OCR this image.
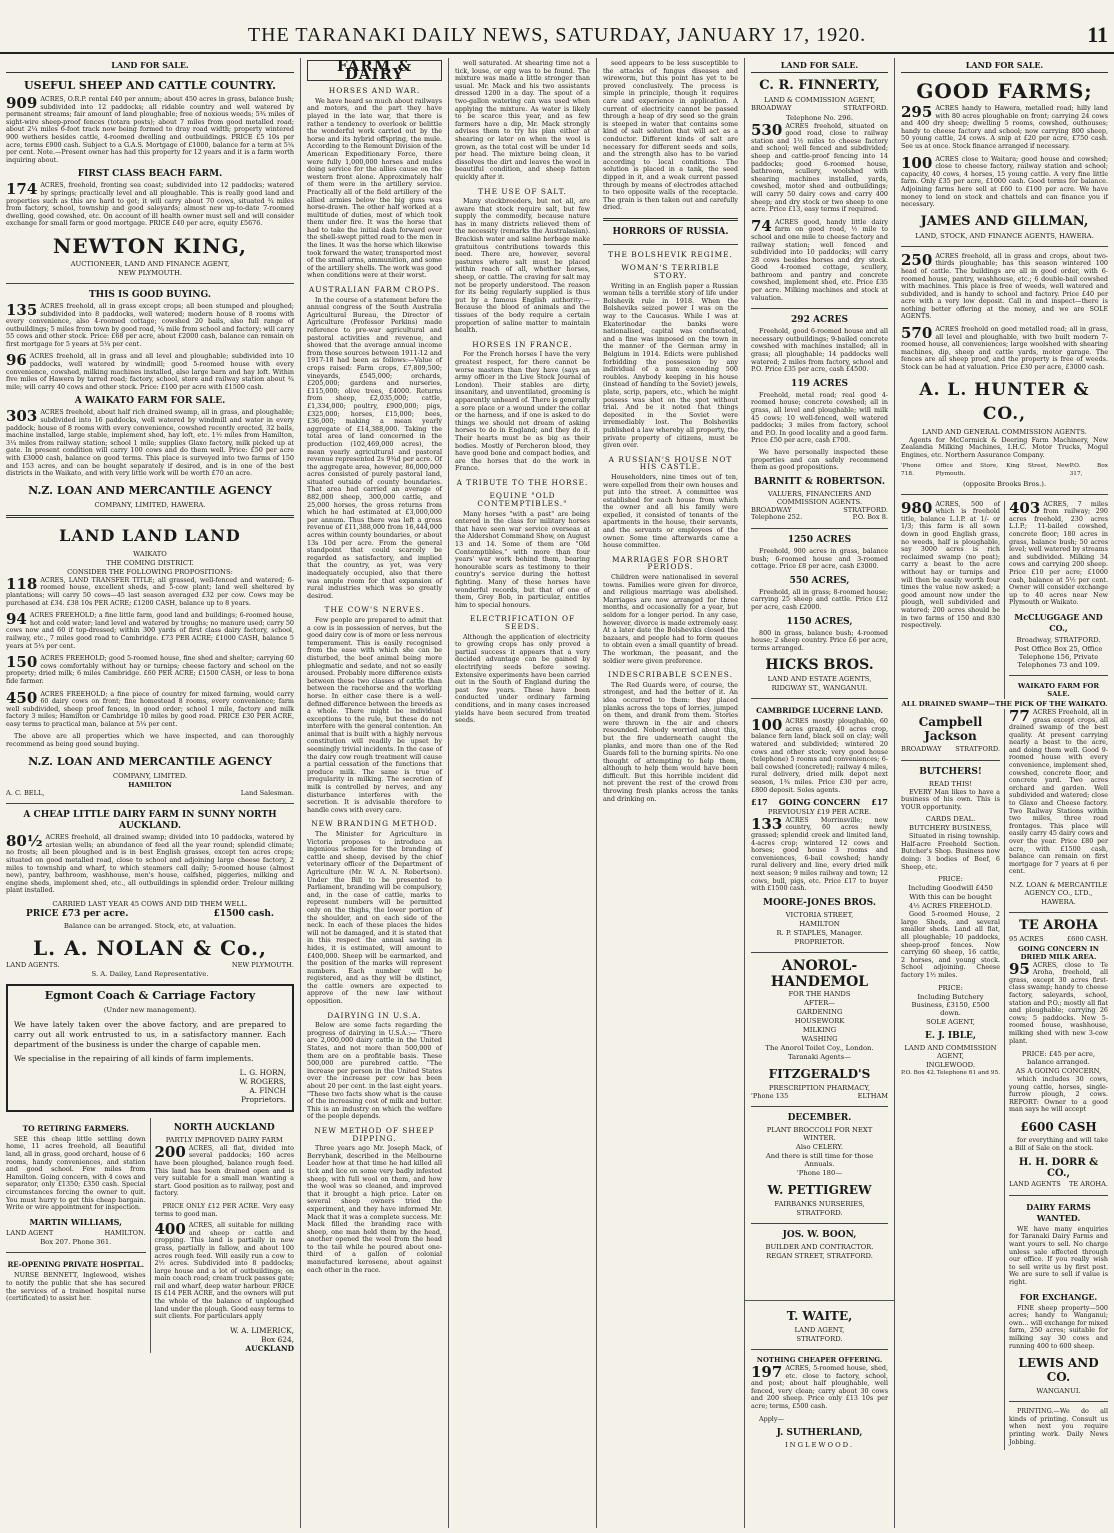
THE TARANAKI DAILY NEWS, SATURDAY, JANUARY 17, 1920.	11
LAND FOR SALE.
USEFUL SHEEP AND CATTLE COUNTRY.
909 ACRES, O.R.P. rental £40 per annum; about 450 acres in grass, balance bush; subdivided into 12 paddocks; all ridable country and well watered by permanent streams; fair amount of land ploughable; free of noxious weeds; 5¾ miles of sight-wire sheep-proof fences (totara posts); about 7 miles from good metalled road; about 2¼ miles 6-foot track now being formed to dray road width; property wintered 900 wethers besides cattle, 4-roomed dwelling and outbuildings. PRICE £5 10s per acre, terms £900 cash. Subject to a G.A.S. Mortgage of £1000, balance for a term at 5¼ per cent. Note.—Present owner has had this property for 12 years and it is a farm worth inquiring about.
FIRST CLASS BEACH FARM.
174 ACRES, freehold, fronting sea coast; subdivided into 12 paddocks; watered by springs; practically level and all ploughable. This is really good land and properties such as this are hard to get; it will carry about 70 cows, situated ¾ miles from factory, school, township and good saleyards; almost new up-to-date 7-roomed dwelling, good cowshed, etc. On account of ill health owner must sell and will consider exchange for small farm or good mortgage. PRICE £40 per acre, equity £5676.
NEWTON KING,
AUCTIONEER, LAND AND FINANCE AGENT,
NEW PLYMOUTH.
THIS IS GOOD BUYING.
135 ACRES freehold, all in grass except crops; all been stumped and ploughed; subdivided into 8 paddocks, well watered; modern house of 8 rooms with every convenience, also 4-roomed cottage; cowshed 20 bails, also full range of outbuildings; 5 miles from town by good road, ¾ mile from school and factory; will carry 55 cows and other stock. Price: £68 per acre, about £2000 cash, balance can remain on first mortgage for 5 years at 5¼ per cent.
96 ACRES freehold, all in grass and all level and ploughable; subdivided into 10 paddocks, well watered by windmill; good 5-roomed house with every convenience, cowshed, milking machines installed, also large barn and hay loft. Within five miles of Hawera by tarred road; factory, school, store and railway station about ¾ mile; will carry 40 cows and other stock. Price: £100 per acre with £1500 cash.
A WAIKATO FARM FOR SALE.
303 ACRES freehold, about half rich drained swamp, all in grass, and ploughable; subdivided into 16 paddocks, well watered by windmill and water in every paddock; house of 8 rooms with every convenience, cowshed recently erected, 32 bails, machine installed, large stable, implement shed, hay loft, etc. 1½ miles from Hamilton, 3¼ miles from railway station; school 1 mile; supplies Glaxo factory, milk picked up at gate. In present condition will carry 100 cows and do them well. Price: £50 per acre with £3000 cash, balance on good terms. This place is surveyed into two farms of 150 and 153 acres, and can be bought separately if desired, and is in one of the best districts in the Waikato, and with very little work will be worth £70 an acre.
N.Z. LOAN AND MERCANTILE AGENCY
COMPANY, LIMITED, HAWERA.
LAND LAND LAND
WAIKATO
THE COMING DISTRICT.
CONSIDER THE FOLLOWING PROPOSITIONS:
118 ACRES, LAND TRANSFER TITLE; all grassed, well-fenced and watered; 6-roomed house, excellent sheds, and 5-cow plant; land well sheltered by plantations; will carry 50 cows—45 last season averaged £32 per cow. Cows may be purchased at £34. £38 10s PER ACRE; £1200 CASH, balance up to 8 years.
94 ACRES FREEHOLD; a fine little farm, good land and buildings; 6-roomed house, hot and cold water; land level and watered by troughs; no manure used; carry 50 cows now and 60 if top-dressed; within 300 yards of first class dairy factory, school, railway, etc., 7 miles good road to Cambridge. £73 PER ACRE; £1000 CASH, balance 5 years at 5¼ per cent.
150 ACRES FREEHOLD; good 5-roomed house, fine shed and shelter; carrying 60 cows comfortably without hay or turnips; cheese factory and school on the property; dried milk; 6 miles Cambridge. £60 PER ACRE; £1500 CASH, or less to bona fide farmer.
450 ACRES FREEHOLD; a fine piece of country for mixed farming, would carry 60 dairy cows on front; fine homestead 8 rooms, every convenience; farm well subdivided, sheep proof fences, in good order; school 1 mile, factory and milk factory 3 miles; Hamilton or Cambridge 10 miles by good road. PRICE £30 PER ACRE, easy terms to practical man, balance at 5¼ per cent.
The above are all properties which we have inspected, and can thoroughly recommend as being good sound buying.
N.Z. LOAN AND MERCANTILE AGENCY
COMPANY, LIMITED.
HAMILTON
A. C. BELL,	Land Salesman.
A CHEAP LITTLE DAIRY FARM IN SUNNY NORTH AUCKLAND.
80½ ACRES freehold, all drained swamp; divided into 10 paddocks, watered by artesian wells; an abundance of feed all the year round; splendid climate; no frosts; all been ploughed and is in best English grasses, except ten acres crops; situated on good metalled road, close to school and adjoining large cheese factory, 2 miles to township and wharf, to which steamers call daily; 5-roomed house (almost new), pantry, bathroom, washhouse, men's house, calfshed, piggeries, milking and engine sheds, implement shed, etc., all outbuildings in splendid order. Trelour milking plant installed.
CARRIED LAST YEAR 45 COWS AND DID THEM WELL.
PRICE £73 per acre.	£1500 cash.
Balance can be arranged. Stock, etc, at valuation.
L. A. NOLAN & Co.,
LAND AGENTS.	NEW PLYMOUTH.
S. A. Dailey, Land Representative.
Egmont Coach & Carriage Factory
(Under new management).

We have lately taken over the above factory, and are prepared to carry out all work entrusted to us, in a satisfactory manner. Each department of the business is under the charge of capable men.

We specialise in the repairing of all kinds of farm implements.

L. G. HORN,
W. ROGERS,
A. FINCH
Proprietors.
TO RETIRING FARMERS.
SEE this cheap little settling down home, 11 acres freehold, all beautiful land, all in grass, good orchard, house of 6 rooms, handy conveniences, and station and good school. Few miles from Hamilton. Going concern, with 4 cows and separator, only £1350; £350 cash. Special circumstances forcing the owner to quit. You must hurry to get this cheap bargain. Write or wire appointment for inspection.
MARTIN WILLIAMS,
LAND AGENT	HAMILTON.
Box 207. Phone 361.
RE-OPENING PRIVATE HOSPITAL.
NURSE BENNETT, Inglewood, wishes to notify the public that she has secured the services of a trained hospital nurse (certificated) to assist her.
NORTH AUCKLAND
PARTLY IMPROVED DAIRY FARM
200 ACRES, all flat, divided into several paddocks; 160 acres have been ploughed, balance rough feed. This land has been drained open and is very suitable for a small man wanting a start. Good position as to railway, post and factory.
PRICE ONLY £12 PER ACRE. Very easy terms to good man.
400 ACRES, all suitable for milking and sheep or cattle and cropping. This land is partially in new grass, partially in fallow, and about 100 acres rough feed. Will easily run a cow to 2½ acres. Subdivided into 8 paddocks; large house and a lot of outbuildings; on main coach road; cream truck passes gate; rail and wharf, deep water harbour. PRICE IS £14 PER ACRE, and the owners will put the whole of the balance of unploughed land under the plough. Good easy terms to suit clients. For particulars apply
W. A. LIMERICK,
Box 624,
AUCKLAND
FARM & DAIRY
HORSES AND WAR.
We have heard so much about railways and motors, and the part they have played in the late war, that there is rather a tendency to overlook or belittle the wonderful work carried out by the horse and its hybrid offspring, the mule. According to the Remount Division of the American Expeditionary Force, there were fully 1,000,000 horses and mules doing service for the allies cause on the western front alone. Approximately half of them were in the artillery service. Practically all of the field artillery of the allied armies below the big guns was horse-drawn. The other half worked at a multitude of duties, most of which took them under fire. It was the horse that had to take the initial dash forward over the shell-swept pitted road to the men in the lines. It was the horse which likewise took forward the water, transported most of the small arms, ammunition, and some of the artillery shells. The work was good when conditions were at their worst.
AUSTRALIAN FARM CROPS.
In the course of a statement before the annual congress of the South Australia Agricultural Bureau, the Director of Agriculture (Professor Perkins) made reference to pre-war agricultural and pastoral activities and revenue, and showed that the average annual income from those sources between 1911-12 and 1917-18 had been as follows:—Value of crops raised: Farm crops, £7,809,500; vineyards, £545,000; orchards, £205,000; gardens and nurseries, £115,000; olive trees, £4000. Returns from sheep, £2,035,000; cattle, £1,334,000; poultry, £900,000; pigs, £325,000; horses, £15,000; bees, £36,000; making a mean yearly aggregate of £14,388,000. Taking the total area of land concerned in the production (102,469,000 acres), the mean yearly agricultural and pastoral revenue represented 2s 9¾d per acre. Of the aggregate area, however, 86,000,000 acres consisted of purely pastoral land, situated outside of county boundaries. That area had carried an average of 882,000 sheep, 300,000 cattle, and 25,000 horses, the gross returns from which he had estimated at £3,000,000 per annum. Thus there was left a gross revenue of £11,388,000 from 16,444,000 acres within county boundaries, or about 13s 10d per acre. From the general standpoint that could scarcely be regarded as satisfactory, and implied that the country, as yet, was very inadequately occupied, also that there was ample room for that expansion of rural industries which was so greatly desired.
THE COW'S NERVES.
Few people are prepared to admit that a cow is in possession of nerves, but the good dairy cow is of more or less nervous temperament. This is easily recognised from the ease with which she can be disturbed, the beef animal being more phlegmatic and sedate, and not so easily aroused. Probably more difference exists between these two classes of cattle than between the racehorse and the working horse. In either case there is a well-defined difference between the breeds as a whole. There might be individual exceptions to the rule, but these do not interfere with the general contention. An animal that is built with a highly nervous constitution will readily be upset by seemingly trivial incidents. In the case of the dairy cow rough treatment will cause a partial cessation of the functions that produce milk. The same is true of irregularity in milking. The secretion of milk is controlled by nerves, and any disturbance interferes with the secretion. It is advisable therefore to handle cows with every care.
NEW BRANDING METHOD.
The Minister for Agriculture in Victoria proposes to introduce an ingenious scheme for the branding of cattle and sheep, devised by the chief veterinary officer of the Department of Agriculture (Mr. W. A. N. Robertson). Under the Bill to be presented to Parliament, branding will be compulsory, and, in the case of cattle, marks to represent numbers will be permitted only on the thighs, the lower portion of the shoulder, and on each side of the neck. In each of these places the hides will not be damaged, and it is stated that in this respect the annual saving in hides, it is estimated, will amount to £400,000. Sheep will be earmarked, and the position of the marks will represent numbers. Each number will be registered, and as they will be distinct, the cattle owners are expected to approve of the new law without opposition.
DAIRYING IN U.S.A.
Below are some facts regarding the progress of dairying in U.S.A.:— "There are 2,000,000 dairy cattle in the United States, and not more than 500,000 of them are on a profitable basis. These 500,000 are purebred cattle. "The increase per person in the United States over the increase per cow has been about 20 per cent. in the last eight years. "These two facts show what is the cause of the increasing cost of milk and butter. This is an industry on which the welfare of the people depends.
NEW METHOD OF SHEEP DIPPING.
Three years ago Mr. Joseph Mack, of Berrybank, described in the Melbourne Leader how at that time he had killed all tick and lice on some very badly infested sheep, with full wool on them, and how the wool was so cleaned, and improved that it brought a high price. Later on several sheep owners tried the experiment, and they have informed Mr. Mack that it was a complete success. Mr. Mack filled the branding race with sheep, one man held them by the head, another opened the wool from the head to the tail while he poured about one-third of a gallon of colonial manufactured kerosene, about against each other in the race.
well saturated. At shearing time not a tick, louse, or egg was to be found. The mixture was made a little stronger than usual. Mr. Mack and his two assistants dressed 1200 in a day. The spout of a two-gallon watering can was used when applying the mixture. As water is likely to be scarce this year, and as few farmers have a dip, Mr. Mack strongly advises them to try his plan either at shearing or later on when the wool is grown, as the total cost will be under 1d per head. The mixture being clean, it dissolves the dirt and leaves the wool in beautiful condition, and sheep fatten quickly after it.
THE USE OF SALT.
Many stockbreeders, but not all, are aware that stock require salt, but few supply the commodity, because nature has in many districts relieved them of the necessity (remarks the Australasian). Brackish water and saline herbage make gratuitous contributions towards this need. There are, however, several pastures where salt must be placed within reach of all, whether horses, sheep, or cattle. The craving for salt may not be properly understood. The reason for its being regularly supplied is thus put by a famous English authority:—Because the blood of animals and the tissues of the body require a certain proportion of saline matter to maintain health.
HORSES IN FRANCE.
For the French horses I have the very greatest respect, for there cannot be worse masters than they have (says an army officer in the Live Stock Journal of London). Their stables are dirty, insanitary, and unventilated, grooming is apparently unheard of. There is generally a sore place or a wound under the collar or the harness, and if one is asked to do things we should not dream of asking horses to do in England; and they do it. Their hearts must be as big as their bodies. Mostly of Percheron blood, they have good bone and compact bodies, and are the horses that do the work in France.
A TRIBUTE TO THE HORSE.
EQUINE "OLD CONTEMPTIBLES."
Many horses "with a past" are being entered in the class for military horses that have seen war service overseas at the Aldershot Command Show, on August 13 and 14. Some of them are "Old Contemptibles," with more than four years' war work behind them, bearing honourable scars as testimony to their country's service during the hottest fighting. Many of these horses have wonderful records, but that of one of them, Grey Bob, in particular, entitles him to special honours.
ELECTRIFICATION OF SEEDS.
Although the application of electricity to growing crops has only proved a partial success it appears that a very decided advantage can be gained by electrifying seeds before sowing. Extensive experiments have been carried out in the South of England during the past few years. These have been conducted under ordinary farming conditions, and in many cases increased yields have been secured from treated seeds.
seed appears to be less susceptible to the attacks of fungus diseases and wireworm, but this point has yet to be proved conclusively. The process is simple in principle, though it requires care and experience in application. A current of electricity cannot be passed through a heap of dry seed so the grain is steeped in water that contains some kind of salt solution that will act as a conductor. Different kinds of salt are necessary for different seeds and soils, and the strength also has to be varied according to local conditions. The solution is placed in a tank, the seed dipped in it, and a weak current passed through by means of electrodes attached to two opposite walls of the receptacle. The grain is then taken out and carefully dried.
HORRORS OF RUSSIA.
THE BOLSHEVIK REGIME.
WOMAN'S TERRIBLE STORY.
Writing in an English paper a Russian woman tells a terrible story of life under Bolshevik rule in 1918. When the Bolsheviks seized power I was on the way to the Caucasus. While I was at Ekaterinodar the banks were nationalised, capital was confiscated, and a fine was imposed on the town in the manner of the German army in Belgium in 1914. Edicts were published forbidding the possession by any individual of a sum exceeding 500 roubles. Anybody keeping in his house (instead of handing to the Soviet) jewels, plate, scrip, papers, etc., which he might possess was shot on the spot without trial. And be it noted that things deposited in the Soviet were irremediably lost. The Bolsheviks published a law whereby all property, the private property of citizens, must be given over.
A RUSSIAN'S HOUSE NOT HIS CASTLE.
Householders, nine times out of ten, were expelled from their own houses and put into the street. A committee was established for each house from which the owner and all his family were expelled, it consisted of tenants of the apartments in the house, their servants, and the servants or employees of the owner. Some time afterwards came a house committee.
MARRIAGES FOR SHORT PERIODS.
Children were nationalised in several towns. Families were given for divorce, and religious marriage was abolished. Marriages are now arranged for three months, and occasionally for a year, but seldom for a longer period. In any case, however, divorce is made extremely easy. At a later date the Bolsheviks closed the bazaars, and people had to form queues to obtain even a small quantity of bread. The workman, the peasant, and the soldier were given preference.
INDESCRIBABLE SCENES.
The Red Guards were, of course, the strongest, and had the better of it. An idea occurred to them: they placed planks across the tops of lorries, jumped on them, and drank from them. Stories were thrown in the air and cheers resounded. Nobody worried about this, but the fire underneath caught the planks, and more than one of the Red Guards fell to the burning spirits. No one thought of attempting to help them, although to help them would have been difficult. But this horrible incident did not prevent the rest of the crowd from throwing fresh planks across the tanks and drinking on.
LAND FOR SALE.
C. R. FINNERTY,
LAND & COMMISSION AGENT,
BROADWAY	STRATFORD.
Telephone No. 296.
530 ACRES freehold, situated on good road, close to railway station and 1½ miles to cheese factory and school; well fenced and subdivided; sheep and cattle-proof fencing into 14 paddocks; good 6-roomed house, bathroom, scullery, woolshed with shearing machines installed, yards, cowshed, motor shed and outbuildings; will carry 50 dairy cows and carry 400 sheep; and dry stock or two sheep to one acre. Price £13, easy terms if required.
74 ACRES good, handy little dairy farm on good road, ½ mile to school and one mile to cheese factory and railway station; well fenced and subdivided into 10 paddocks; will carry 28 cows besides horses and dry stock. Good 4-roomed cottage, scullery, bathroom and pantry and concrete cowshed, implement shed, etc. Price £35 per acre. Milking machines and stock at valuation.
292 ACRES
Freehold, good 6-roomed house and all necessary outbuildings; 9-bailed concrete cowshed with machines installed; all in grass; all ploughable; 14 paddocks well watered; 2 miles from factory, school and P.O. Price £35 per acre, cash £4500.
119 ACRES
Freehold, metal road; real good 4-roomed house; concrete cowshed; all in grass, all level and ploughable; will milk 45 cows; 10 well-fenced, well watered paddocks; 3 miles from factory, school and P.O. In good locality and a good farm. Price £50 per acre, cash £700.
We have personally inspected these properties and can safely recommend them as good propositions.
BARNITT & ROBERTSON.
VALUERS, FINANCIERS AND COMMISSION AGENTS.
BROADWAY	STRATFORD.
Telephone 252.	P.O. Box 8.
1250 ACRES
Freehold, 900 acres in grass, balance bush; 6-roomed house and 3-roomed cottage. Price £8 per acre, cash £3000.
550 ACRES,
Freehold, all in grass; 8-roomed house; carrying 25 sheep and cattle. Price £12 per acre, cash £2000.
1150 ACRES,
800 in grass, balance bush; 4-roomed house; 2 sheep country. Price £6 per acre, terms arranged.
HICKS BROS.
LAND AND ESTATE AGENTS,
RIDGWAY ST., WANGANUI.
CAMBRIDGE LUCERNE LAND.
100 ACRES mostly ploughable, 60 acres grazed, 40 acres crop, balance fern land, black soil on clay; well watered and subdivided; wintered 20 cows and other stock; very good house (telephone) 5 rooms and conveniences; 6-bail cowshed (concreted); railway 4 miles, rural delivery, dried milk depot next season, 1¾ miles. Price £30 per acre, £800 deposit. Soles agents.
£17 GOING CONCERN £17
PREVIOUSLY £19 PER ACRE.
133 ACRES Morrinsville; new country, 60 acres newly grassed; splendid creek and limited land, 4-acres crop; wintered 12 cows and horses; good house 3 rooms and conveniences, 6-bail cowshed; handy rural delivery and line, every dried milk next season; 9 miles railway and town; 12 cows, bull, pigs, etc. Price £17 to buyer with £1500 cash.
MOORE-JONES BROS.
VICTORIA STREET,
HAMILTON
R. P. STAPLES, Manager.
PROPRIETOR.
ANOROL-
HANDEMOL
FOR THE HANDS
AFTER—
GARDENING
HOUSEWORK
MILKING
WASHING
The Anorol Toilet Coy., London.
Taranaki Agents—
FITZGERALD'S
PRESCRIPTION PHARMACY,
'Phone 135	ELTHAM
DECEMBER.
PLANT BROCCOLI FOR NEXT WINTER.
Also CELERY.
And there is still time for those Annuals.
'Phone 180—
W. PETTIGREW
FAIRBANKS NURSERIES,
STRATFORD.
JOS. W. BOON,
BUILDER AND CONTRACTOR.
REGAN STREET, STRATFORD.
LAND FOR SALE.
GOOD FARMS;
295 ACRES handy to Hawera, metalled road; hilly land with 80 acres ploughable on front; carrying 24 cows and 400 dry sheep; dwelling 5 rooms, cowshed, outhouses; handy to cheese factory and school; now carrying 800 sheep, 50 young cattle, 24 cows. A snip at £20 per acre, £750 cash. See us at once. Stock finance arranged if necessary.
100 ACRES close to Waitara; good house and cowshed; close to cheese factory, railway station and school; capacity, 40 cows, 4 horses, 15 young cattle. A very fine little farm. Only £35 per acre, £1000 cash. Good terms for balance. Adjoining farms here sell at £60 to £100 per acre. We have money to lend on stock and chattels and can finance you if necessary.
JAMES AND GILLMAN,
LAND, STOCK, AND FINANCE AGENTS, HAWERA.
250 ACRES freehold, all in grass and crops, about two-thirds ploughable; has this season wintered 100 head of cattle. The buildings are all in good order, with 6-roomed house, pantry, washhouse, etc.; 6 double-bail cowshed with machines. This place is free of weeds, well watered and subdivided, and is handy to school and factory. Price £40 per acre with a very low deposit. Call in and inspect—there is nothing better offering at the money, and we are SOLE AGENTS.
570 ACRES freehold on good metalled road; all in grass, all level and ploughable, with two built modern 7-roomed house, all conveniences; large woolshed with shearing machines, dip, sheep and cattle yards, motor garage. The fences are all sheep proof, and the property is free of weeds. Stock can be had at valuation. Price £30 per acre, £3000 cash.
A. L. HUNTER & CO.,
LAND AND GENERAL COMMISSION AGENTS.
Agents for McCormick & Deering Farm Machinery, New Zealandia Milking Machines, I.H.C. Motor Trucks, Mogul Engines, etc. Northern Assurance Company.
'Phone 718.
Office and Store, King Street, New Plymouth.
P.O. Box 317,
(opposite Brooks Bros.).
980 ACRES, 500 of which is freehold title, balance L.I.P. at 1/- or 1/3; this farm is all sown down in good English grass, no weeds, half is ploughable, say 3000 acres is rich reclaimed swamp (no peat); carry a beast to the acre without hay or turnips and will then be easily worth four times the value now asked; a good amount now under the plough, well subdivided and watered; 200 acres should be in two farms of 150 and 830 respectively.
403 ACRES, 7 miles from railway; 290 acres freehold, 230 acres L.I.P.; 11-bailed cowshed, concrete floor; 180 acres in grass, balance bush; 50 acres level; well watered by streams and subdivided. Milking 34 cows and carrying 200 sheep. Price £10 per acre; £1000 cash, balance at 5½ per cent. Owner will consider exchange up to 40 acres near New Plymouth or Waikato.
McCLUGGAGE AND CO.,
Broadway, STRATFORD.
Post Office Box 25, Office Telephone 156, Private Telephones 73 and 109.
WAIKATO FARM FOR SALE.
ALL DRAINED SWAMP—THE PICK OF THE WAIKATO.
Campbell Jackson
BROADWAY STRATFORD.
BUTCHERS!
READ THIS!
EVERY Man likes to have a business of his own. This is YOUR opportunity.
CARDS DEAL.
BUTCHERY BUSINESS,
Situated in rising township. Half-acre Freehold Section. Butcher's Shop. Business now doing: 3 bodies of Beef, 6 Sheep, etc.
PRICE:
Including Goodwill £450
With this can be bought
4½ ACRES FREEHOLD.
Good 5-roomed House, 2 large Sheds, and several smaller sheds. Land all flat, all ploughable; 10 paddocks, sheep-proof fences. Now carrying 60 sheep, 16 cattle, 2 horses, and young stock. School adjoining. Cheese factory 1½ miles.
PRICE:
Including Butchery Business, £3150, £500 down.
SOLE AGENT,
E. J. IBLE,
LAND AND COMMISSION AGENT,
INGLEWOOD.
P.O. Box 42. Telephone 61 and 95.
77 ACRES Freehold, all in grass except crops, all drained swamp of the best quality. At present carrying nearly a beast to the acre, and doing them well. Good 9-roomed house with every convenience, implement shed, cowshed, concrete floor, and concrete yard. Two acres orchard and garden. Well subdivided and watered; close to Glaxo and Cheese factory. Two Railway Stations within two miles, three road frontages. This place will easily carry 45 dairy cows and over the year. Price £80 per acre, with £1500 cash, balance can remain on first mortgage for 7 years at 6 per cent.
N.Z. LOAN & MERCANTILE AGENCY CO., LTD.,
HAWERA.
TE AROHA
95 ACRES	£600 CASH.
GOING CONCERN IN DRIED MILK AREA.
95 ACRES, close to Te Aroha, freehold, all grass, except 30 acres first-class swamp; handy to cheese factory, saleyards, school, station and P.O.; mostly all flat and ploughable; carrying 26 cows; 5 paddocks. New 5-roomed house, washhouse, milking shed with new 3-cow plant.
PRICE: £45 per acre, balance arranged.
AS A GOING CONCERN,
which includes 30 cows, young cattle, horses, single-furrow plough, 2 cows. REPORT: Owner to a good man says he will accept
£600 CASH
for everything and will take a Bill of Sale on the stock.
H. H. DORR & CO.,
LAND AGENTS TE AROHA.
DAIRY FARMS WANTED.
WE have many enquiries for Taranaki Dairy Farms and want yours to sell. No charge unless sale effected through our office. If you really wish to sell write us by first post. We are sure to sell if value is right.
FOR EXCHANGE.
FINE sheep property—500 acres; handy to Wanganui; own... will exchange for mixed farm, 250 acres; suitable for milking say 30 cows and running 400 to 600 sheep.
LEWIS AND CO.
WANGANUI.
PRINTING.—We do all kinds of printing. Consult us when next you require printing work. Daily News Jobbing.
T. WAITE,
LAND AGENT,
STRATFORD.
NOTHING CHEAPER OFFERING.
197 ACRES, 5-roomed house, shed, etc. close to factory, school, and post; about half ploughable, well fenced, very clean; carry about 30 cows and 200 sheep. Price only £13 10s per acre; terms, £500 cash.
Apply—
J. SUTHERLAND,
INGLEWOOD.
